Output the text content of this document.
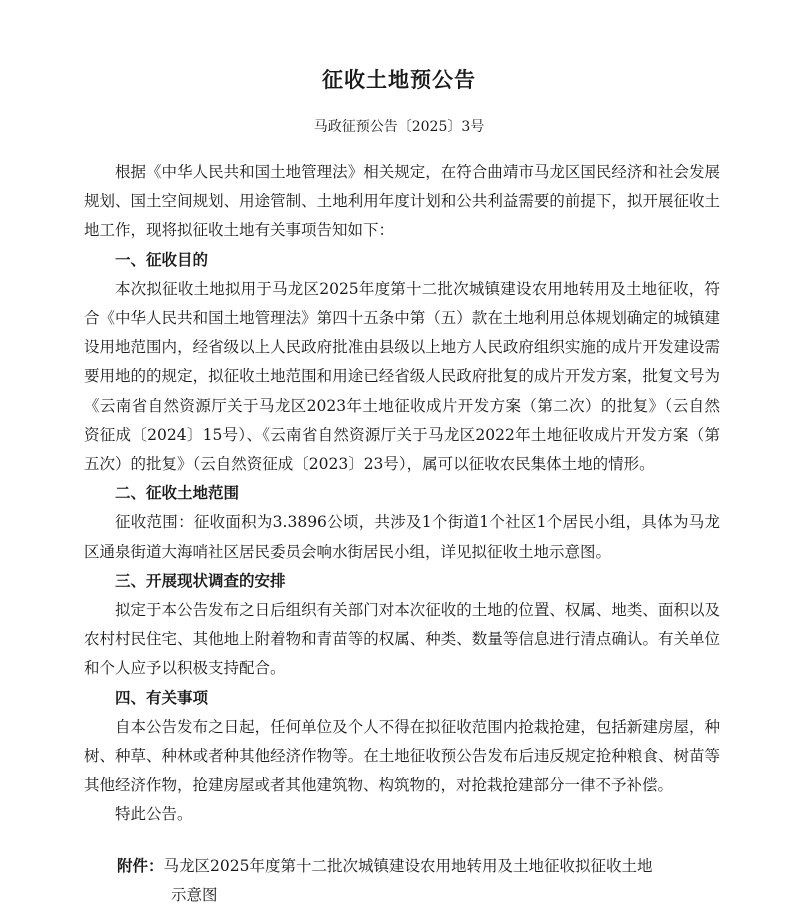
征收土地预公告
马政征预公告〔2025〕3号

根据《中华人民共和国土地管理法》相关规定，在符合曲靖市马龙区国民经济和社会发展规划、国土空间规划、用途管制、土地利用年度计划和公共利益需要的前提下，拟开展征收土地工作，现将拟征收土地有关事项告知如下：

一、征收目的

本次拟征收土地拟用于马龙区2025年度第十二批次城镇建设农用地转用及土地征收，符合《中华人民共和国土地管理法》第四十五条中第（五）款在土地利用总体规划确定的城镇建设用地范围内，经省级以上人民政府批准由县级以上地方人民政府组织实施的成片开发建设需要用地的的规定，拟征收土地范围和用途已经省级人民政府批复的成片开发方案，批复文号为《云南省自然资源厅关于马龙区2023年土地征收成片开发方案（第二次）的批复》（云自然资征成〔2024〕15号）、《云南省自然资源厅关于马龙区2022年土地征收成片开发方案（第五次）的批复》（云自然资征成〔2023〕23号），属可以征收农民集体土地的情形。

二、征收土地范围

征收范围：征收面积为3.3896公顷，共涉及1个街道1个社区1个居民小组，具体为马龙区通泉街道大海哨社区居民委员会响水街居民小组，详见拟征收土地示意图。

三、开展现状调查的安排

拟定于本公告发布之日后组织有关部门对本次征收的土地的位置、权属、地类、面积以及农村村民住宅、其他地上附着物和青苗等的权属、种类、数量等信息进行清点确认。有关单位和个人应予以积极支持配合。

四、有关事项

自本公告发布之日起，任何单位及个人不得在拟征收范围内抢栽抢建，包括新建房屋，种树、种草、种林或者种其他经济作物等。在土地征收预公告发布后违反规定抢种粮食、树苗等其他经济作物，抢建房屋或者其他建筑物、构筑物的，对抢栽抢建部分一律不予补偿。

特此公告。

附件：马龙区2025年度第十二批次城镇建设农用地转用及土地征收拟征收土地
示意图
